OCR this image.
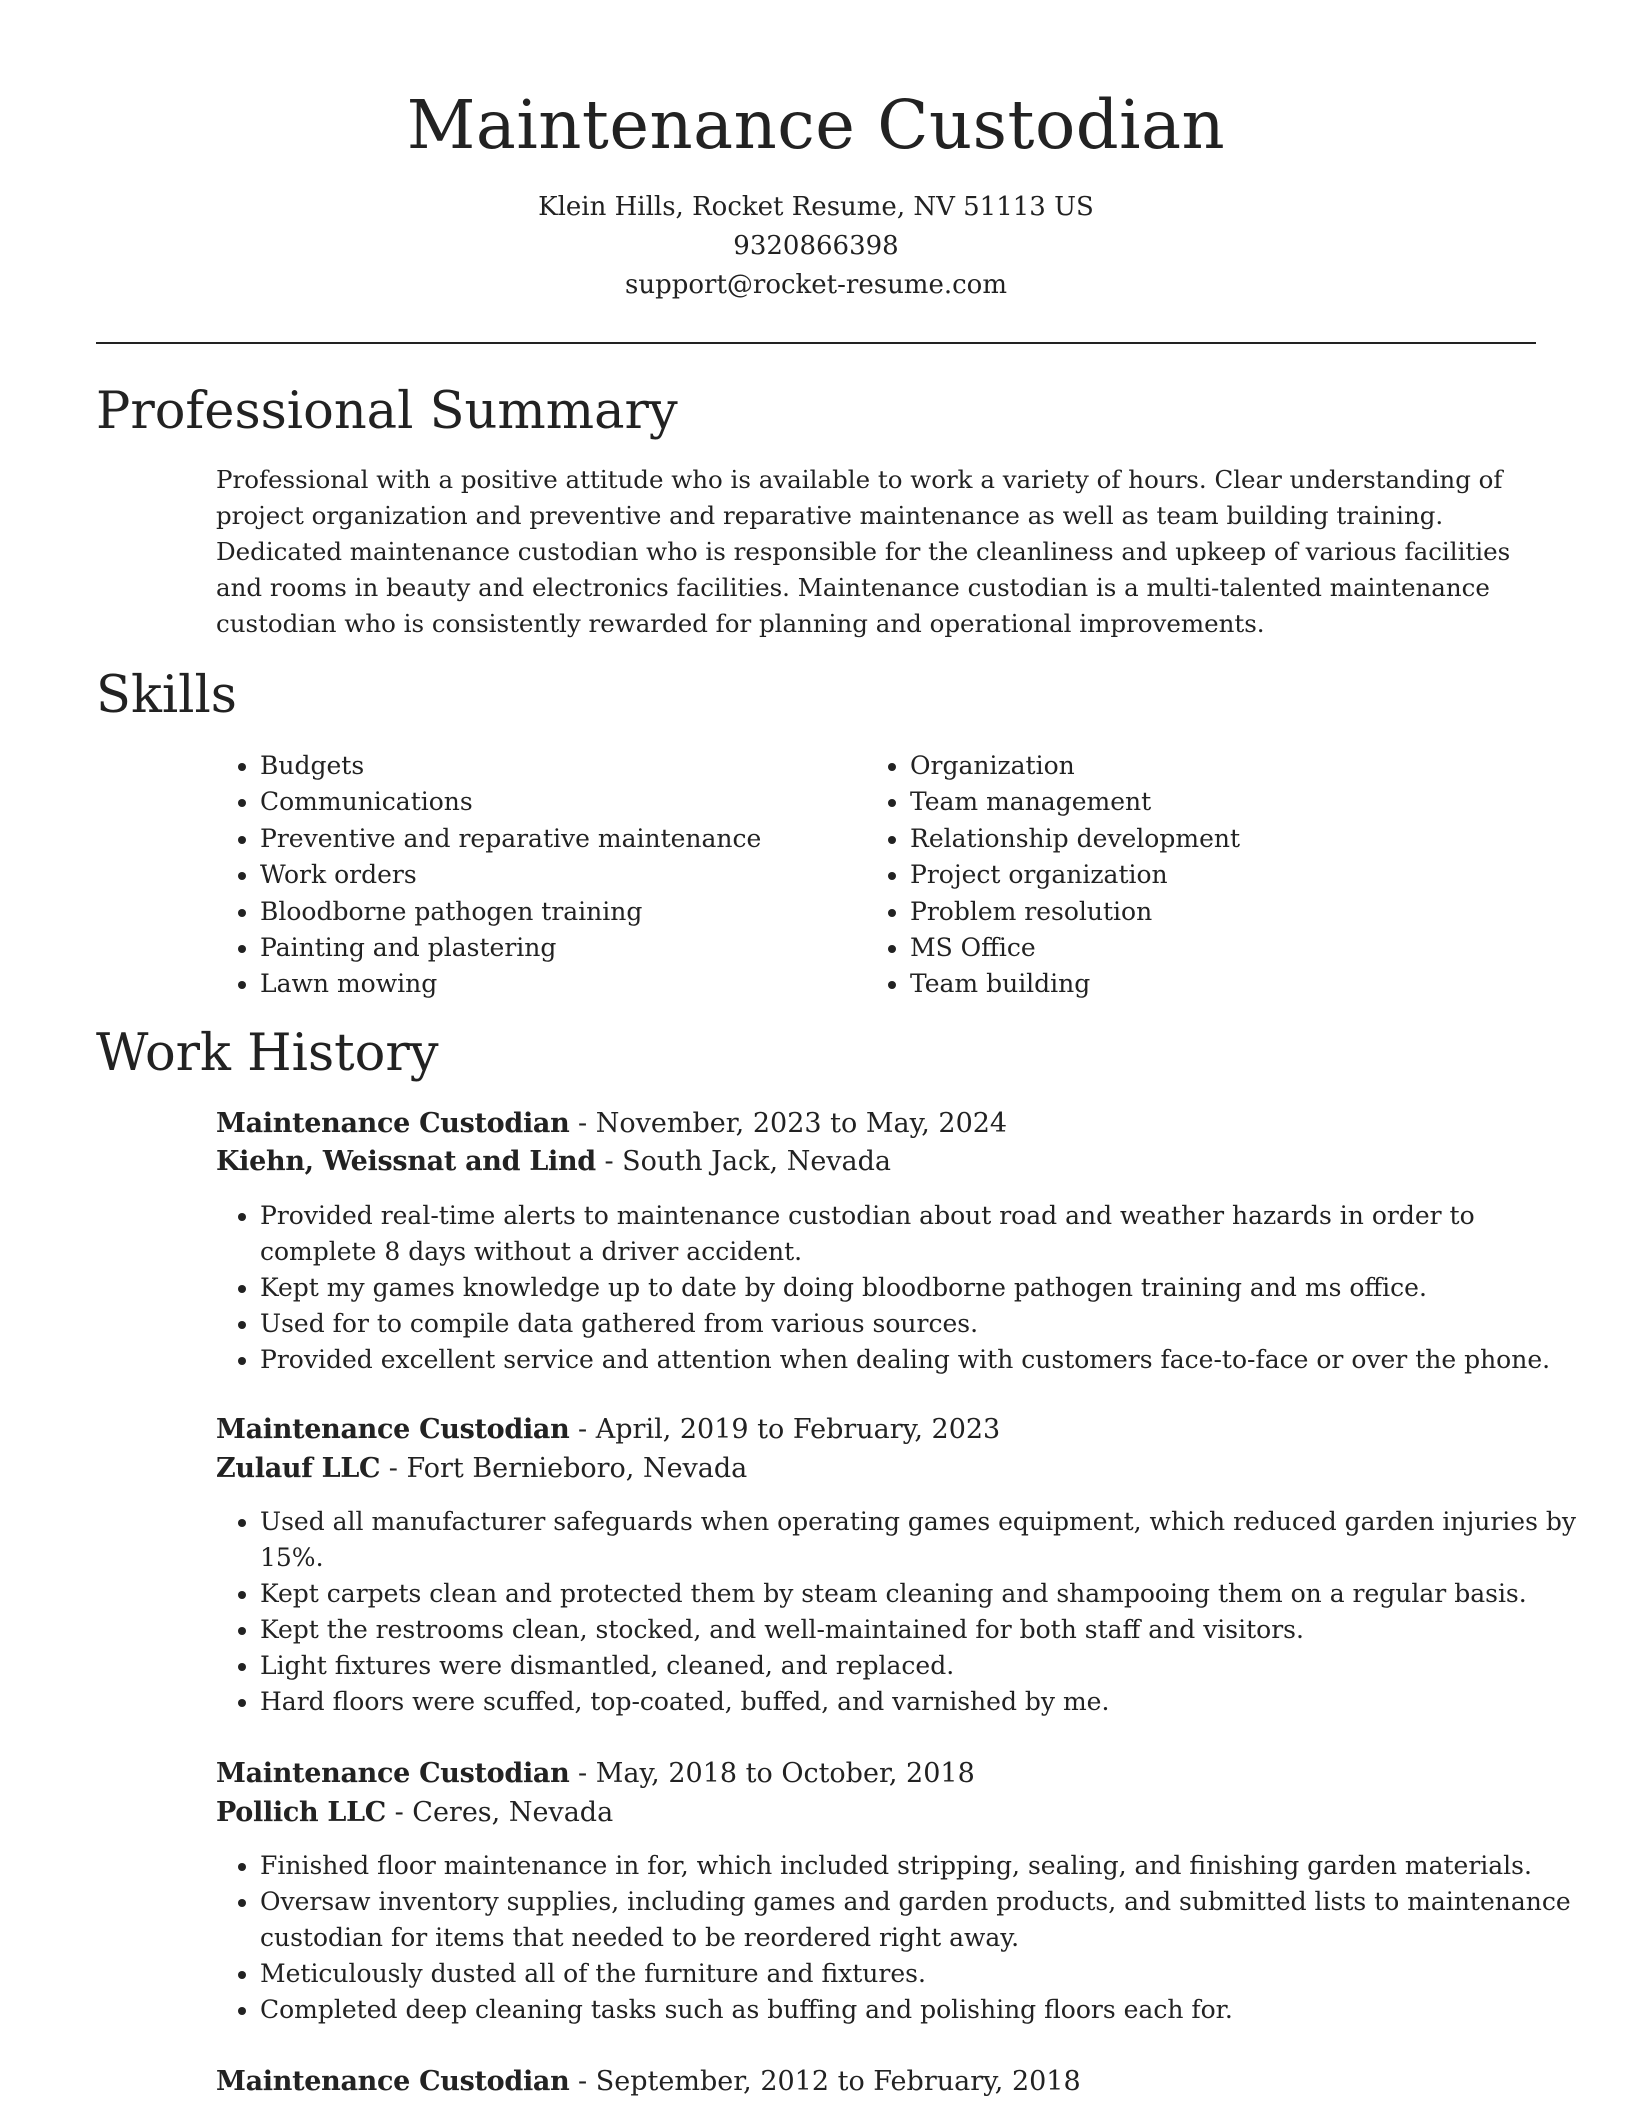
Maintenance Custodian
Klein Hills, Rocket Resume, NV 51113 US
9320866398
support@rocket-resume.com
Professional Summary

Professional with a positive attitude who is available to work a variety of hours. Clear understanding of project organization and preventive and reparative maintenance as well as team building training. Dedicated maintenance custodian who is responsible for the cleanliness and upkeep of various facilities and rooms in beauty and electronics facilities. Maintenance custodian is a multi-talented maintenance custodian who is consistently rewarded for planning and operational improvements.

Skills
• Budgets
• Communications
• Preventive and reparative maintenance
• Work orders
• Bloodborne pathogen training
• Painting and plastering
• Lawn mowing
• Organization
• Team management
• Relationship development
• Project organization
• Problem resolution
• MS Office
• Team building
Work History
Maintenance Custodian - November, 2023 to May, 2024
Kiehn, Weissnat and Lind - South Jack, Nevada
• Provided real-time alerts to maintenance custodian about road and weather hazards in order to complete 8 days without a driver accident.
• Kept my games knowledge up to date by doing bloodborne pathogen training and ms office.
• Used for to compile data gathered from various sources.
• Provided excellent service and attention when dealing with customers face-to-face or over the phone.
Maintenance Custodian - April, 2019 to February, 2023
Zulauf LLC - Fort Bernieboro, Nevada
• Used all manufacturer safeguards when operating games equipment, which reduced garden injuries by 15%.
• Kept carpets clean and protected them by steam cleaning and shampooing them on a regular basis.
• Kept the restrooms clean, stocked, and well-maintained for both staff and visitors.
• Light fixtures were dismantled, cleaned, and replaced.
• Hard floors were scuffed, top-coated, buffed, and varnished by me.
Maintenance Custodian - May, 2018 to October, 2018
Pollich LLC - Ceres, Nevada
• Finished floor maintenance in for, which included stripping, sealing, and finishing garden materials.
• Oversaw inventory supplies, including games and garden products, and submitted lists to maintenance custodian for items that needed to be reordered right away.
• Meticulously dusted all of the furniture and fixtures.
• Completed deep cleaning tasks such as buffing and polishing floors each for.
Maintenance Custodian - September, 2012 to February, 2018
